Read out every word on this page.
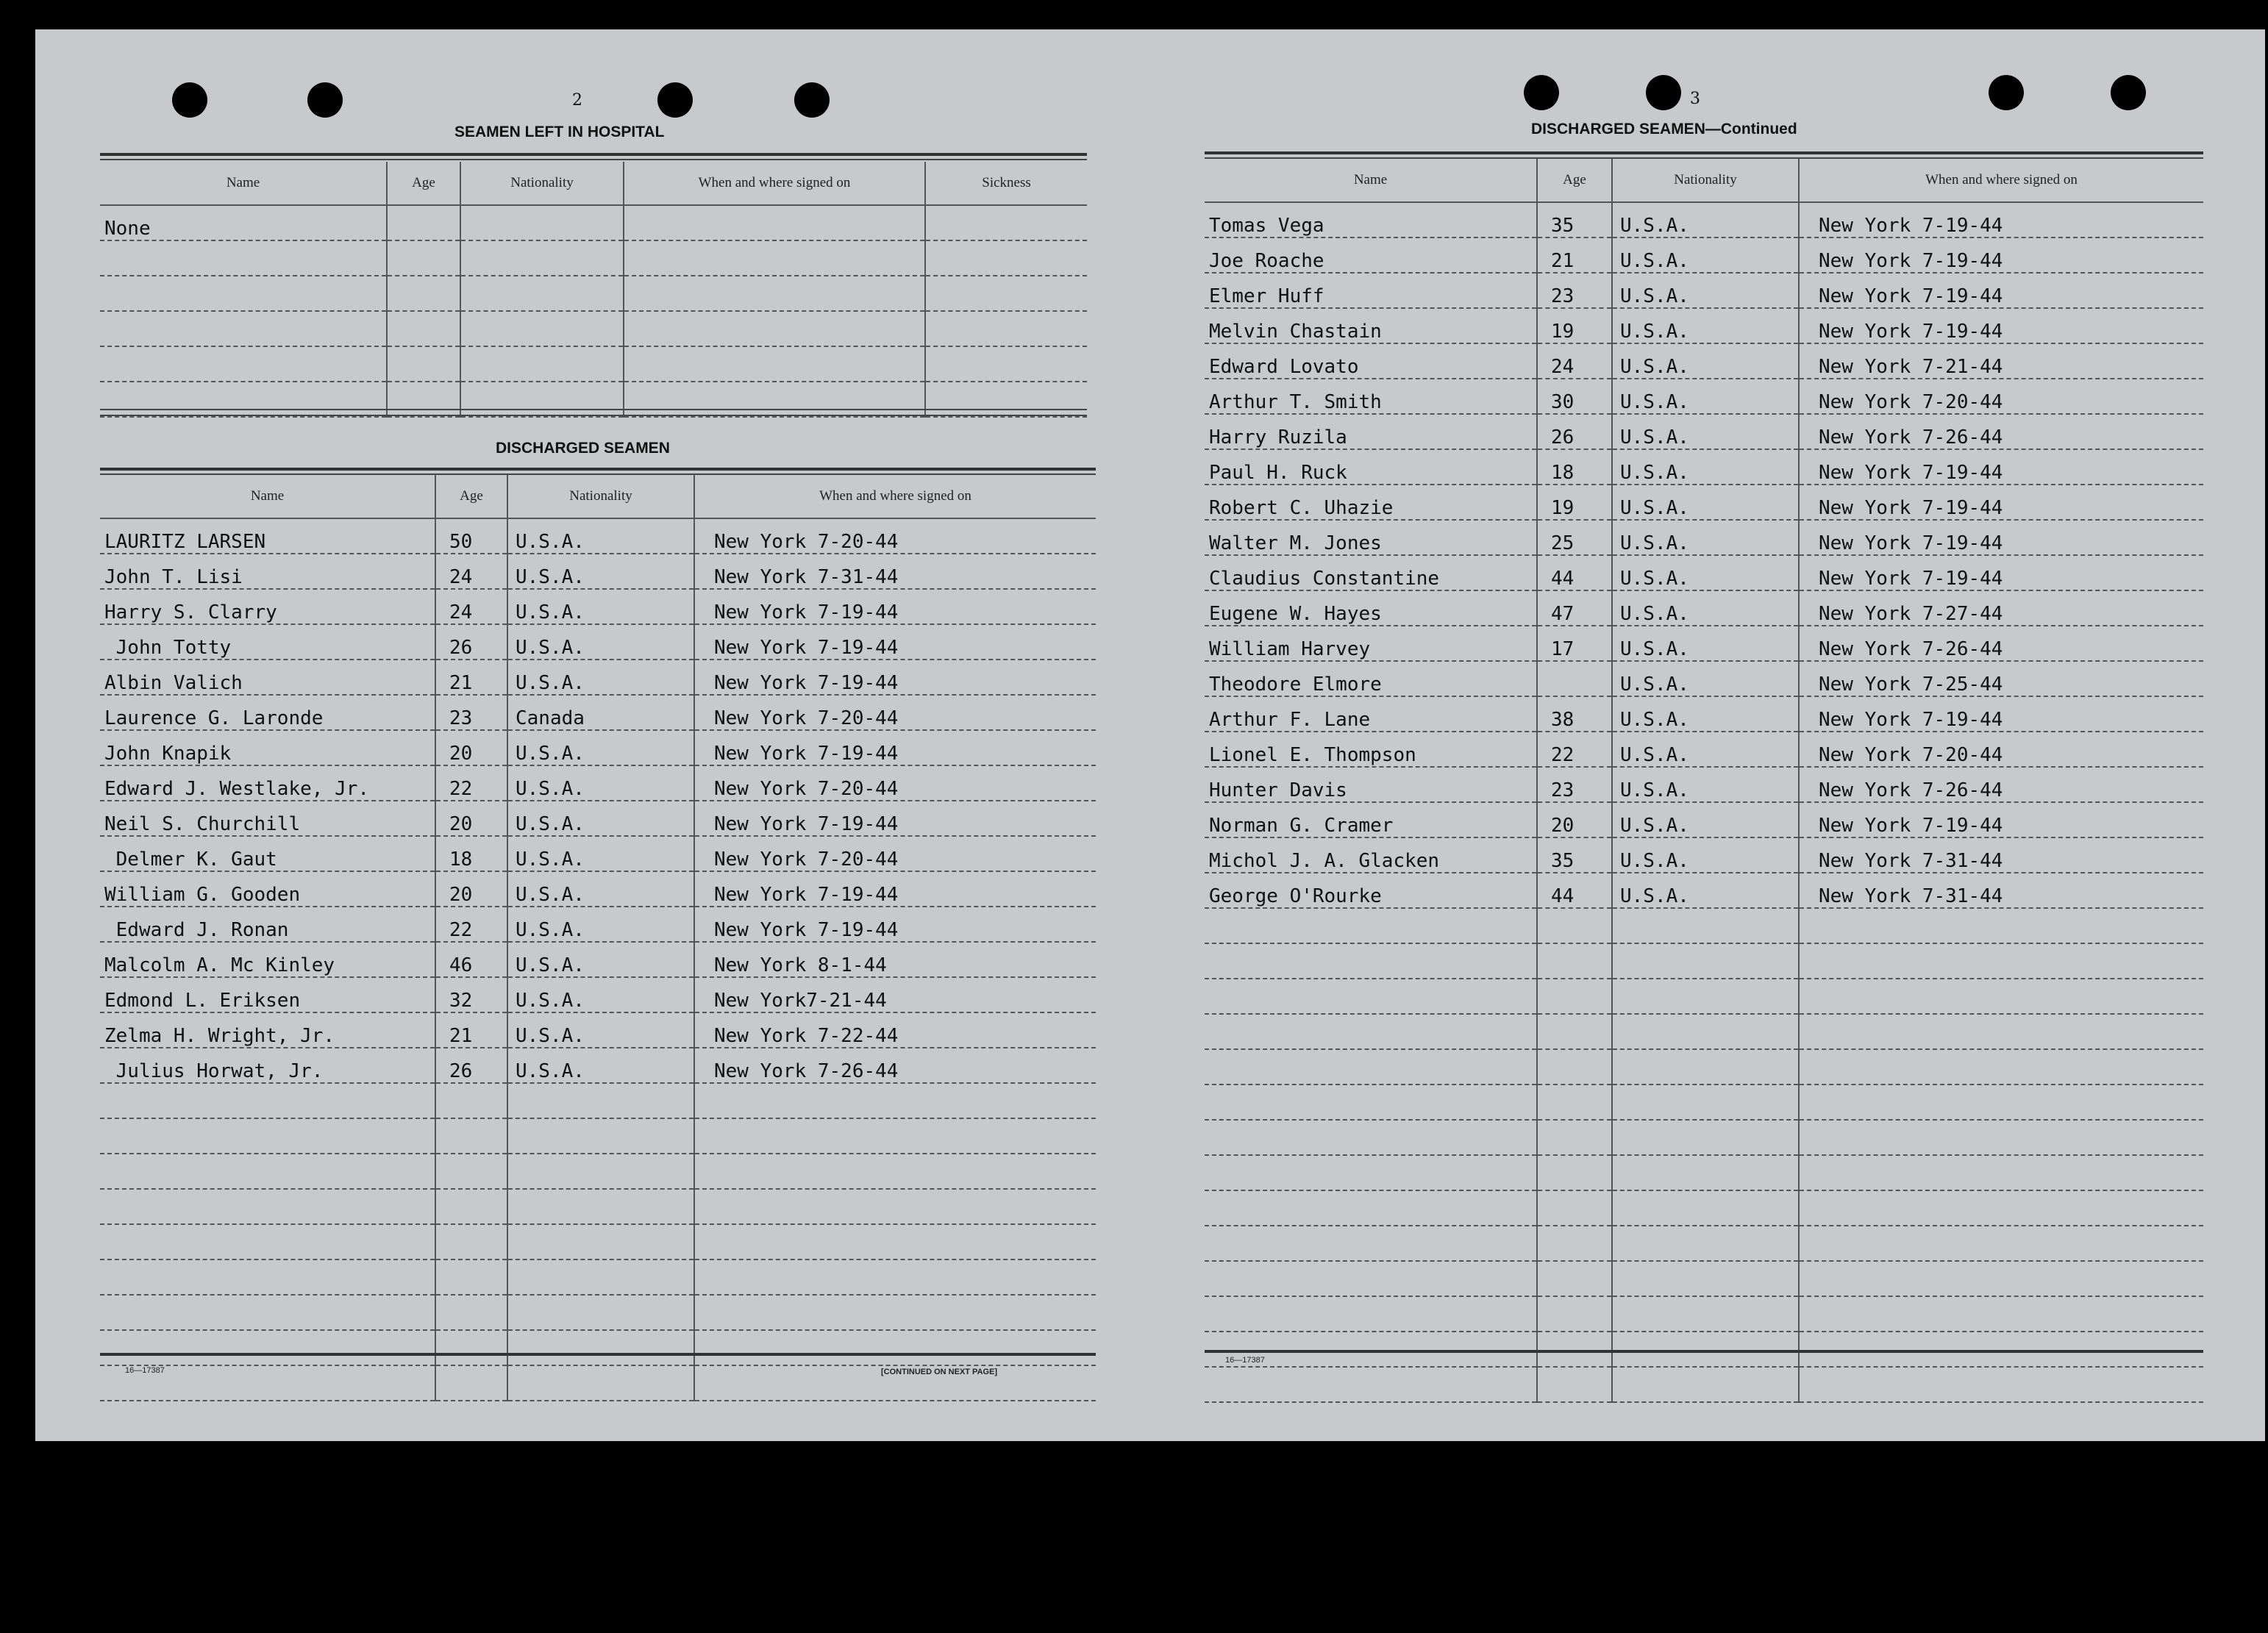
2
SEAMEN LEFT IN HOSPITAL
Name	Age	Nationality	When and where signed on	Sickness
None				

DISCHARGED SEAMEN
Name	Age	Nationality	When and where signed on
LAURITZ LARSEN	50	U.S.A.	New York 7-20-44
John T. Lisi	24	U.S.A.	New York 7-31-44
Harry S. Clarry	24	U.S.A.	New York 7-19-44
John Totty	26	U.S.A.	New York 7-19-44
Albin Valich	21	U.S.A.	New York 7-19-44
Laurence G. Laronde	23	Canada	New York 7-20-44
John Knapik	20	U.S.A.	New York 7-19-44
Edward J. Westlake, Jr.	22	U.S.A.	New York 7-20-44
Neil S. Churchill	20	U.S.A.	New York 7-19-44
Delmer K. Gaut	18	U.S.A.	New York 7-20-44
William G. Gooden	20	U.S.A.	New York 7-19-44
Edward J. Ronan	22	U.S.A.	New York 7-19-44
Malcolm A. Mc Kinley	46	U.S.A.	New York 8-1-44
Edmond L. Eriksen	32	U.S.A.	New York7-21-44
Zelma H. Wright, Jr.	21	U.S.A.	New York 7-22-44
Julius Horwat, Jr.	26	U.S.A.	New York 7-26-44

16—17387	[CONTINUED ON NEXT PAGE]
3
DISCHARGED SEAMEN—Continued
Name	Age	Nationality	When and where signed on
Tomas Vega	35	U.S.A.	New York 7-19-44
Joe Roache	21	U.S.A.	New York 7-19-44
Elmer Huff	23	U.S.A.	New York 7-19-44
Melvin Chastain	19	U.S.A.	New York 7-19-44
Edward Lovato	24	U.S.A.	New York 7-21-44
Arthur T. Smith	30	U.S.A.	New York 7-20-44
Harry Ruzila	26	U.S.A.	New York 7-26-44
Paul H. Ruck	18	U.S.A.	New York 7-19-44
Robert C. Uhazie	19	U.S.A.	New York 7-19-44
Walter M. Jones	25	U.S.A.	New York 7-19-44
Claudius Constantine	44	U.S.A.	New York 7-19-44
Eugene W. Hayes	47	U.S.A.	New York 7-27-44
William Harvey	17	U.S.A.	New York 7-26-44
Theodore Elmore		U.S.A.	New York 7-25-44
Arthur F. Lane	38	U.S.A.	New York 7-19-44
Lionel E. Thompson	22	U.S.A.	New York 7-20-44
Hunter Davis	23	U.S.A.	New York 7-26-44
Norman G. Cramer	20	U.S.A.	New York 7-19-44
Michol J. A. Glacken	35	U.S.A.	New York 7-31-44
George O'Rourke	44	U.S.A.	New York 7-31-44

16—17387
